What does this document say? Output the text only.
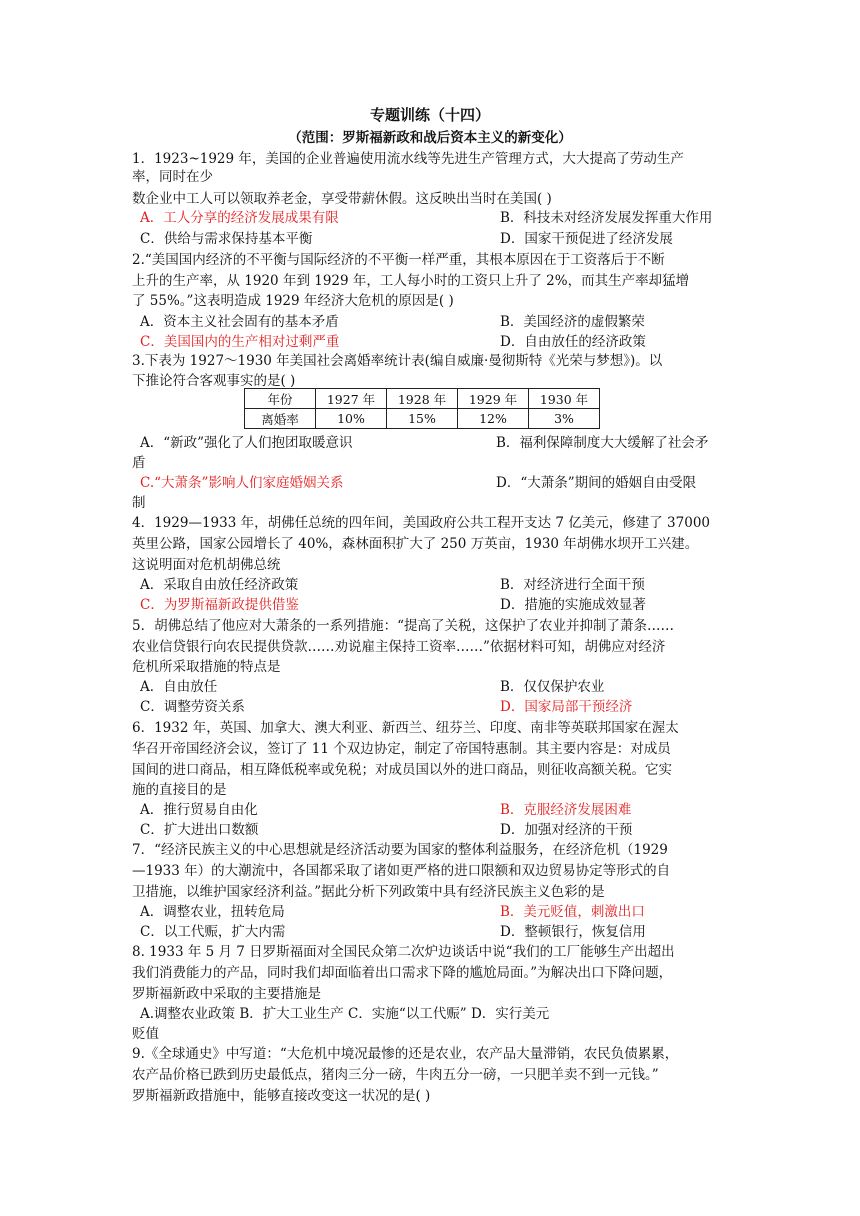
专题训练（十四）
（范围：罗斯福新政和战后资本主义的新变化）
1．1923~1929 年，美国的企业普遍使用流水线等先进生产管理方式，大大提高了劳动生产
率，同时在少
数企业中工人可以领取养老金，享受带薪休假。这反映出当时在美国( )
A．工人分享的经济发展成果有限	B．科技未对经济发展发挥重大作用
C．供给与需求保持基本平衡	D．国家干预促进了经济发展
2.“美国国内经济的不平衡与国际经济的不平衡一样严重，其根本原因在于工资落后于不断
上升的生产率，从 1920 年到 1929 年，工人每小时的工资只上升了 2%，而其生产率却猛增
了 55%。”这表明造成 1929 年经济大危机的原因是( )
A．资本主义社会固有的基本矛盾	B．美国经济的虚假繁荣
C．美国国内的生产相对过剩严重	D．自由放任的经济政策
3.下表为 1927～1930 年美国社会离婚率统计表(编自威廉·曼彻斯特《光荣与梦想》)。以
下推论符合客观事实的是( )
年份	1927 年	1928 年	1929 年	1930 年
离婚率	10%	15%	12%	3%
A．“新政”强化了人们抱团取暖意识	B．福利保障制度大大缓解了社会矛
盾
C.“大萧条”影响人们家庭婚姻关系	D．“大萧条”期间的婚姻自由受限
制
4．1929—1933 年，胡佛任总统的四年间，美国政府公共工程开支达 7 亿美元，修建了 37000
英里公路，国家公园增长了 40%，森林面积扩大了 250 万英亩，1930 年胡佛水坝开工兴建。
这说明面对危机胡佛总统
A．采取自由放任经济政策	B．对经济进行全面干预
C．为罗斯福新政提供借鉴	D．措施的实施成效显著
5．胡佛总结了他应对大萧条的一系列措施：“提高了关税，这保护了农业并抑制了萧条……
农业信贷银行向农民提供贷款……劝说雇主保持工资率……”依据材料可知，胡佛应对经济
危机所采取措施的特点是
A．自由放任	B．仅仅保护农业
C．调整劳资关系	D．国家局部干预经济
6．1932 年，英国、加拿大、澳大利亚、新西兰、纽芬兰、印度、南非等英联邦国家在渥太
华召开帝国经济会议，签订了 11 个双边协定，制定了帝国特惠制。其主要内容是：对成员
国间的进口商品，相互降低税率或免税；对成员国以外的进口商品，则征收高额关税。它实
施的直接目的是
A．推行贸易自由化	B．克服经济发展困难
C．扩大进出口数额	D．加强对经济的干预
7．“经济民族主义的中心思想就是经济活动要为国家的整体利益服务，在经济危机（1929
—1933 年）的大潮流中，各国都采取了诸如更严格的进口限额和双边贸易协定等形式的自
卫措施，以维护国家经济利益。”据此分析下列政策中具有经济民族主义色彩的是
A．调整农业，扭转危局	B．美元贬值，刺激出口
C．以工代赈，扩大内需	D．整顿银行，恢复信用
8. 1933 年 5 月 7 日罗斯福面对全国民众第二次炉边谈话中说“我们的工厂能够生产出超出
我们消费能力的产品，同时我们却面临着出口需求下降的尴尬局面。”为解决出口下降问题，
罗斯福新政中采取的主要措施是
A.调整农业政策 B．扩大工业生产 C．实施“以工代赈” D．实行美元
贬值
9.《全球通史》中写道：“大危机中境况最惨的还是农业，农产品大量滞销，农民负债累累，
农产品价格已跌到历史最低点，猪肉三分一磅，牛肉五分一磅，一只肥羊卖不到一元钱。”
罗斯福新政措施中，能够直接改变这一状况的是( )
